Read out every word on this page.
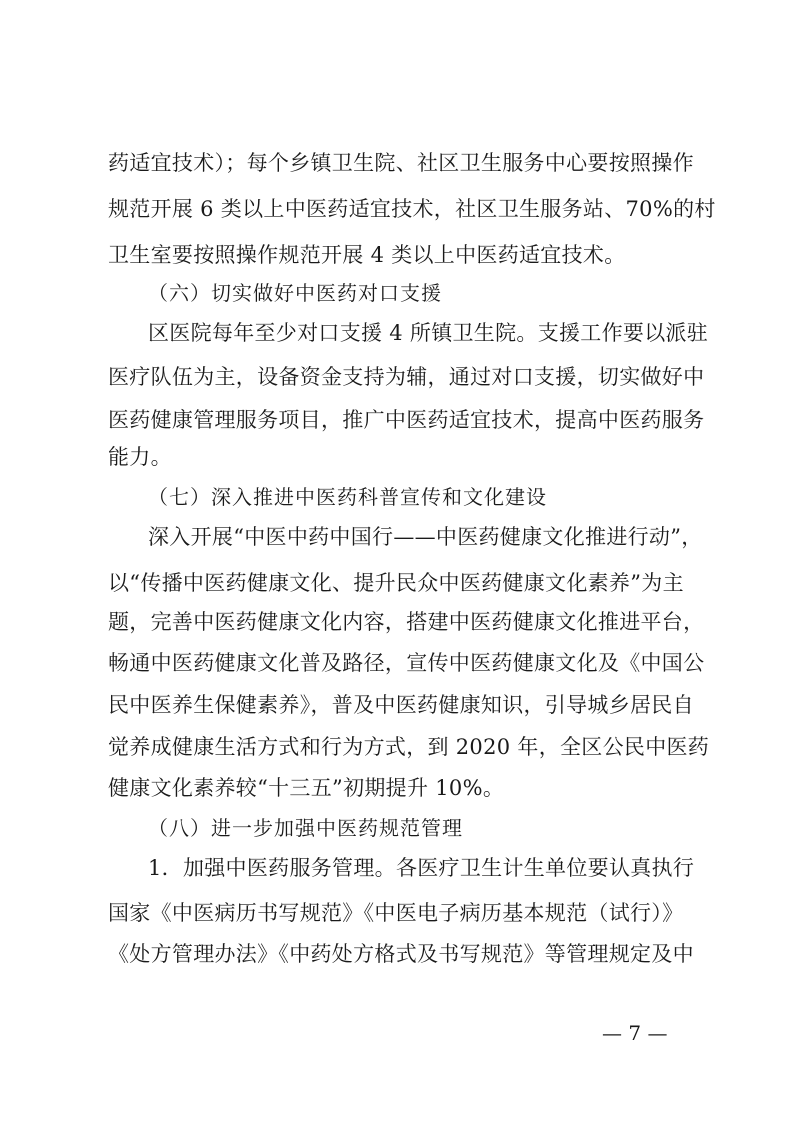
药适宜技术）；每个乡镇卫生院、社区卫生服务中心要按照操作
规范开展 6 类以上中医药适宜技术，社区卫生服务站、70%的村
卫生室要按照操作规范开展 4 类以上中医药适宜技术。
（六）切实做好中医药对口支援
区医院每年至少对口支援 4 所镇卫生院。支援工作要以派驻
医疗队伍为主，设备资金支持为辅，通过对口支援，切实做好中
医药健康管理服务项目，推广中医药适宜技术，提高中医药服务
能力。
（七）深入推进中医药科普宣传和文化建设
深入开展“中医中药中国行——中医药健康文化推进行动”，
以“传播中医药健康文化、提升民众中医药健康文化素养”为主
题，完善中医药健康文化内容，搭建中医药健康文化推进平台，
畅通中医药健康文化普及路径，宣传中医药健康文化及《中国公
民中医养生保健素养》，普及中医药健康知识，引导城乡居民自
觉养成健康生活方式和行为方式，到 2020 年，全区公民中医药
健康文化素养较“十三五”初期提升 10%。
（八）进一步加强中医药规范管理
1．加强中医药服务管理。各医疗卫生计生单位要认真执行
国家《中医病历书写规范》《中医电子病历基本规范（试行）》
《处方管理办法》《中药处方格式及书写规范》等管理规定及中
— 7 —
